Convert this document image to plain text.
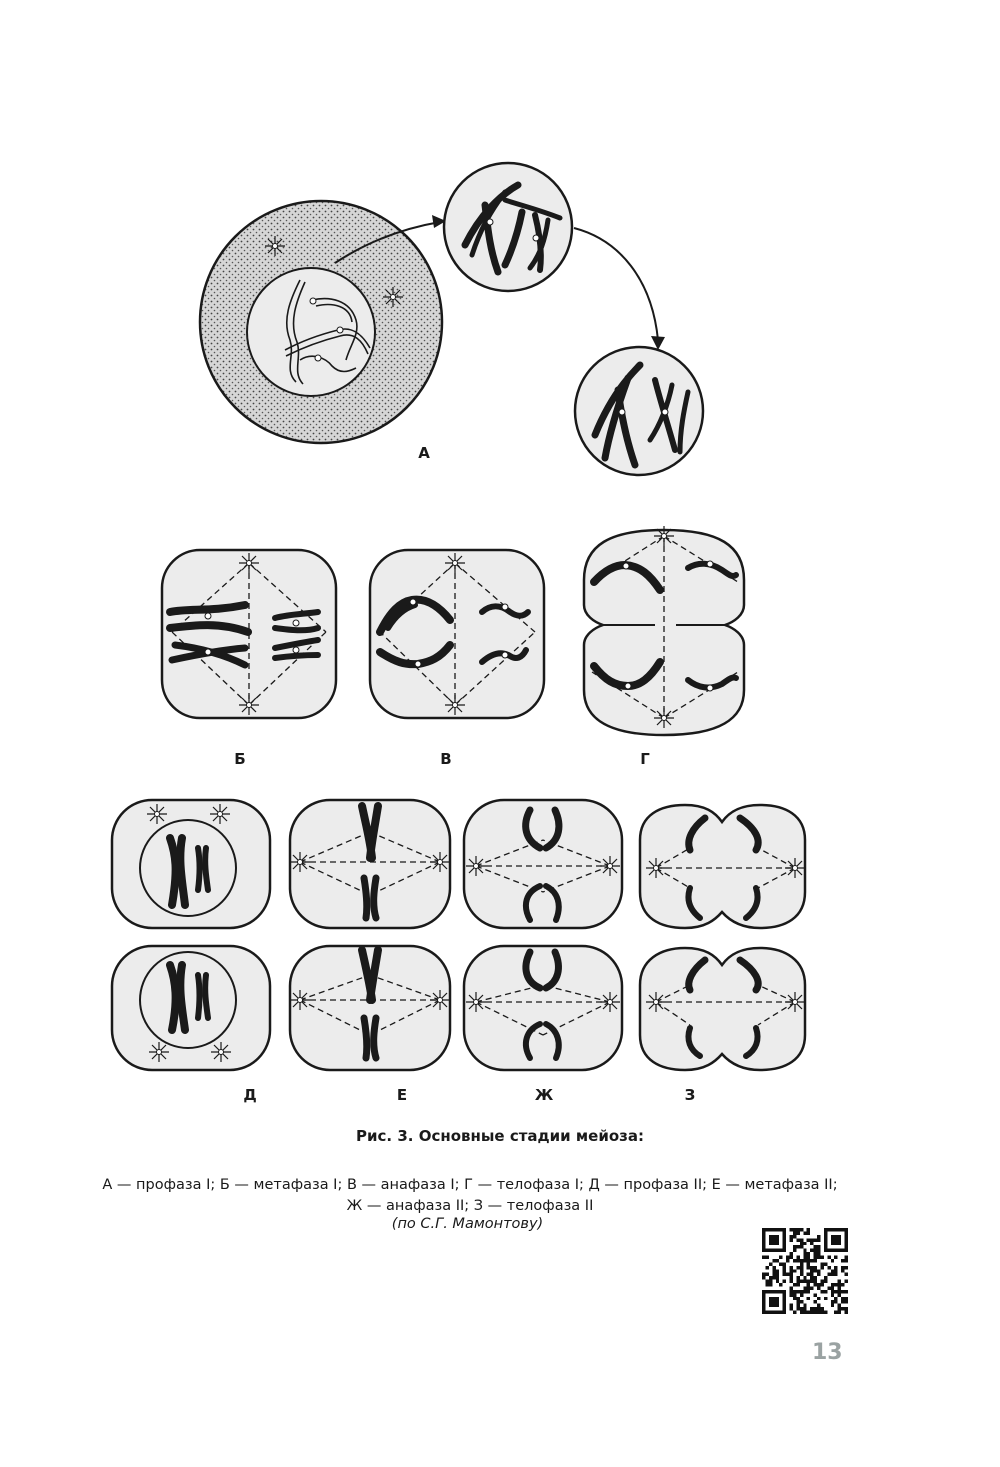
А
Б	В	Г
Д	Е	Ж	З
Рис. 3. Основные стадии мейоза:
А — профаза I; Б — метафаза I; В — анафаза I; Г — телофаза I; Д — профаза II; Е — метафаза II;
Ж — анафаза II; З — телофаза II
(по С.Г. Мамонтову)
13
